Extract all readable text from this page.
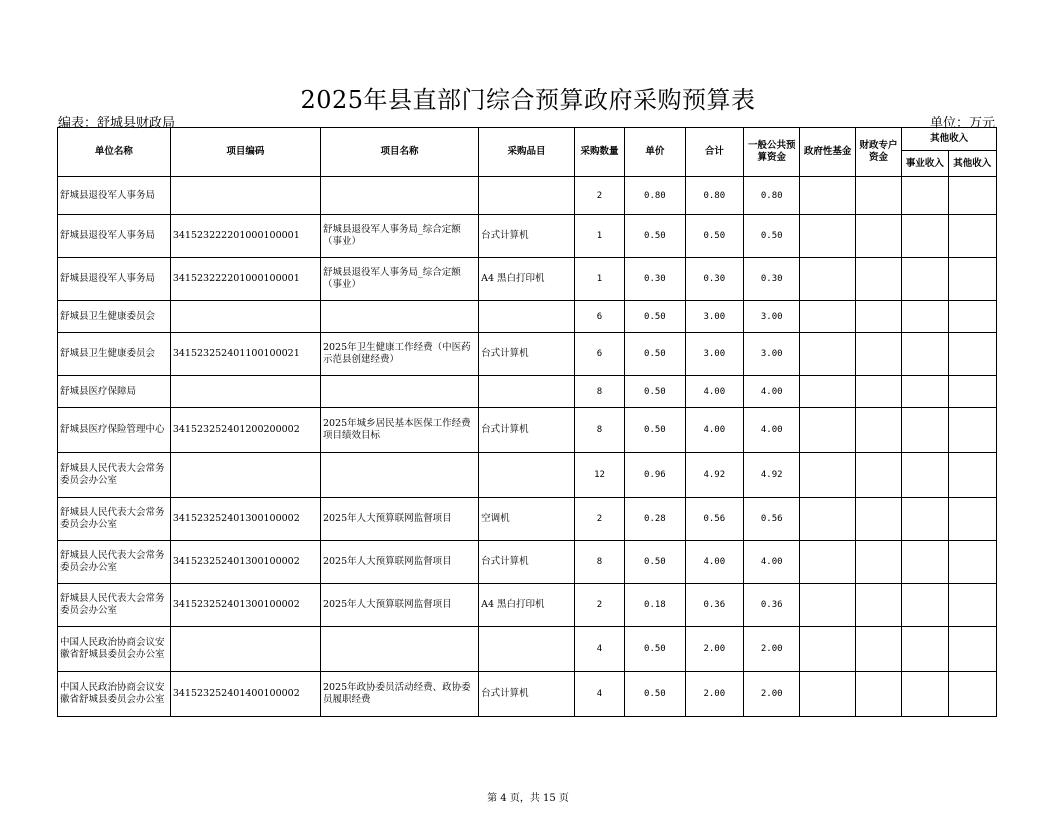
2025年县直部门综合预算政府采购预算表
编表：舒城县财政局	单位：万元
单位名称	项目编码	项目名称	采购品目	采购数量	单价	合计	一般公共预算资金	政府性基金	财政专户资金	其他收入	
										事业收入	其他收入
舒城县退役军人事务局				2	0.80	0.80	0.80				
舒城县退役军人事务局	341523222201000100001	舒城县退役军人事务局_综合定额（事业）	台式计算机	1	0.50	0.50	0.50				
舒城县退役军人事务局	341523222201000100001	舒城县退役军人事务局_综合定额（事业）	A4 黑白打印机	1	0.30	0.30	0.30				
舒城县卫生健康委员会				6	0.50	3.00	3.00				
舒城县卫生健康委员会	341523252401100100021	2025年卫生健康工作经费（中医药示范县创建经费）	台式计算机	6	0.50	3.00	3.00				
舒城县医疗保障局				8	0.50	4.00	4.00				
舒城县医疗保险管理中心	341523252401200200002	2025年城乡居民基本医保工作经费项目绩效目标	台式计算机	8	0.50	4.00	4.00				
舒城县人民代表大会常务委员会办公室				12	0.96	4.92	4.92				
舒城县人民代表大会常务委员会办公室	341523252401300100002	2025年人大预算联网监督项目	空调机	2	0.28	0.56	0.56				
舒城县人民代表大会常务委员会办公室	341523252401300100002	2025年人大预算联网监督项目	台式计算机	8	0.50	4.00	4.00				
舒城县人民代表大会常务委员会办公室	341523252401300100002	2025年人大预算联网监督项目	A4 黑白打印机	2	0.18	0.36	0.36				
中国人民政治协商会议安徽省舒城县委员会办公室				4	0.50	2.00	2.00				
中国人民政治协商会议安徽省舒城县委员会办公室	341523252401400100002	2025年政协委员活动经费、政协委员履职经费	台式计算机	4	0.50	2.00	2.00				
第 4 页，共 15 页
